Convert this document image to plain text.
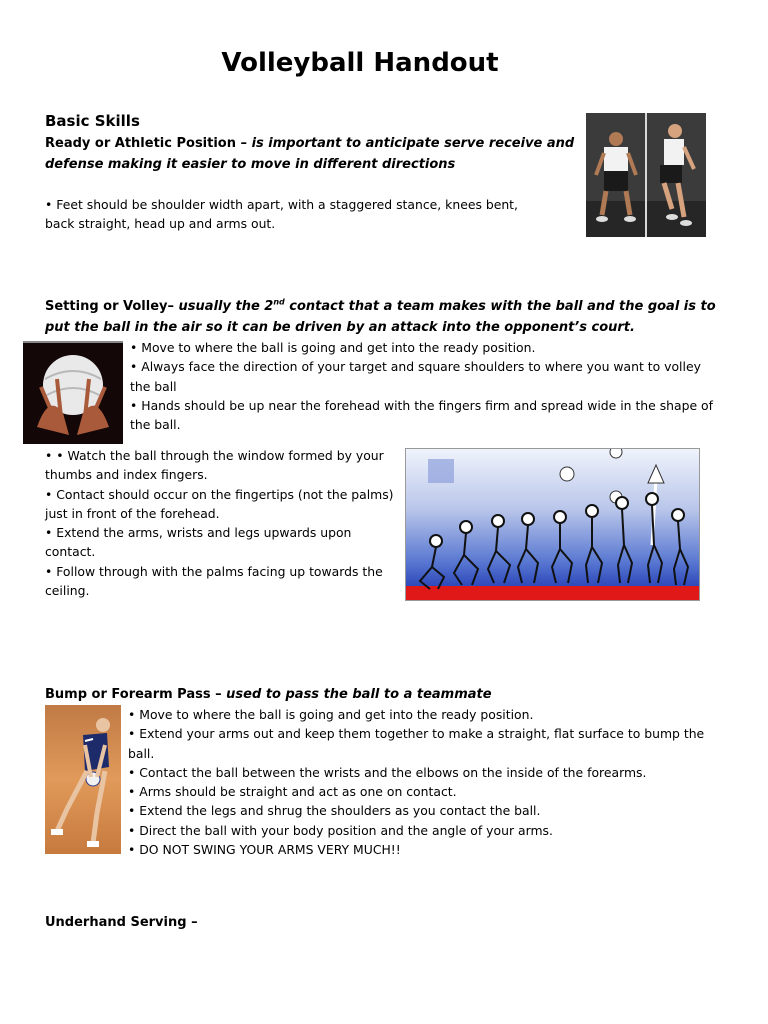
Volleyball Handout
Basic Skills
Ready or Athletic Position – is important to anticipate serve receive and defense making it easier to move in different directions
• Feet should be shoulder width apart, with a staggered stance, knees bent, back straight, head up and arms out.
Setting or Volley– usually the 2nd contact that a team makes with the ball and the goal is to put the ball in the air so it can be driven by an attack into the opponent’s court.

• Move to where the ball is going and get into the ready position.

• Always face the direction of your target and square shoulders to where you want to volley the ball

• Hands should be up near the forehead with the fingers firm and spread wide in the shape of the ball.

• • Watch the ball through the window formed by your thumbs and index fingers.

• Contact should occur on the fingertips (not the palms) just in front of the forehead.

• Extend the arms, wrists and legs upwards upon contact.

• Follow through with the palms facing up towards the ceiling.

Bump or Forearm Pass – used to pass the ball to a teammate

• Move to where the ball is going and get into the ready position.

• Extend your arms out and keep them together to make a straight, flat surface to bump the ball.

• Contact the ball between the wrists and the elbows on the inside of the forearms.

• Arms should be straight and act as one on contact.

• Extend the legs and shrug the shoulders as you contact the ball.

• Direct the ball with your body position and the angle of your arms.

• DO NOT SWING YOUR ARMS VERY MUCH!!

Underhand Serving –
